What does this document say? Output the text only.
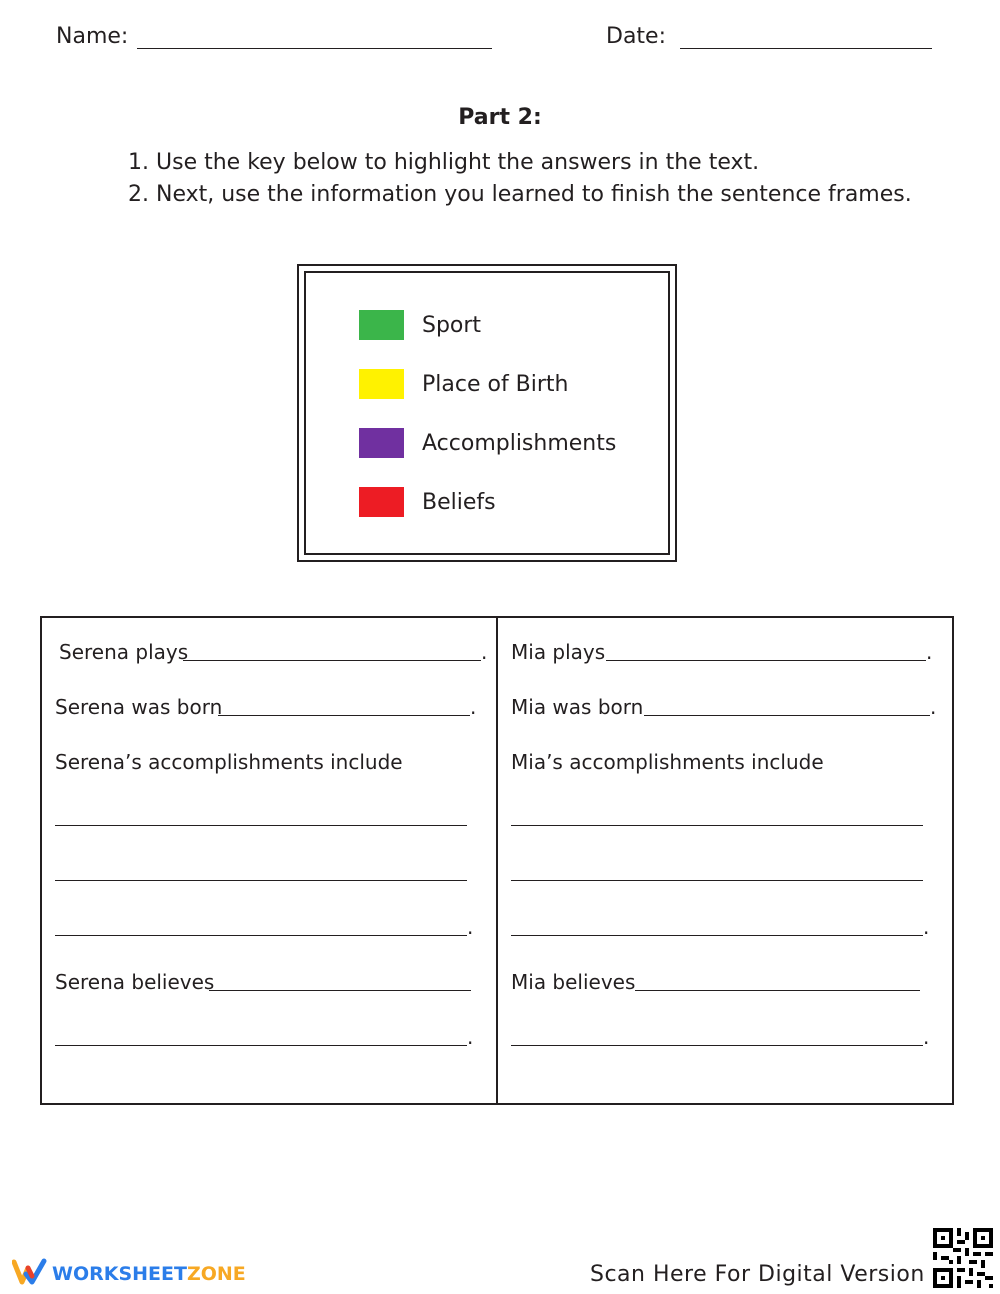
Name:	Date:
Part 2:
1. Use the key below to highlight the answers in the text.
2. Next, use the information you learned to finish the sentence frames.
Sport
Place of Birth
Accomplishments
Beliefs
Serena plays	.
Serena was born	.
Serena’s accomplishments include
.
Serena believes
.
Mia plays	.
Mia was born	.
Mia’s accomplishments include
.
Mia believes
.
WORKSHEETZONE	Scan Here For Digital Version
